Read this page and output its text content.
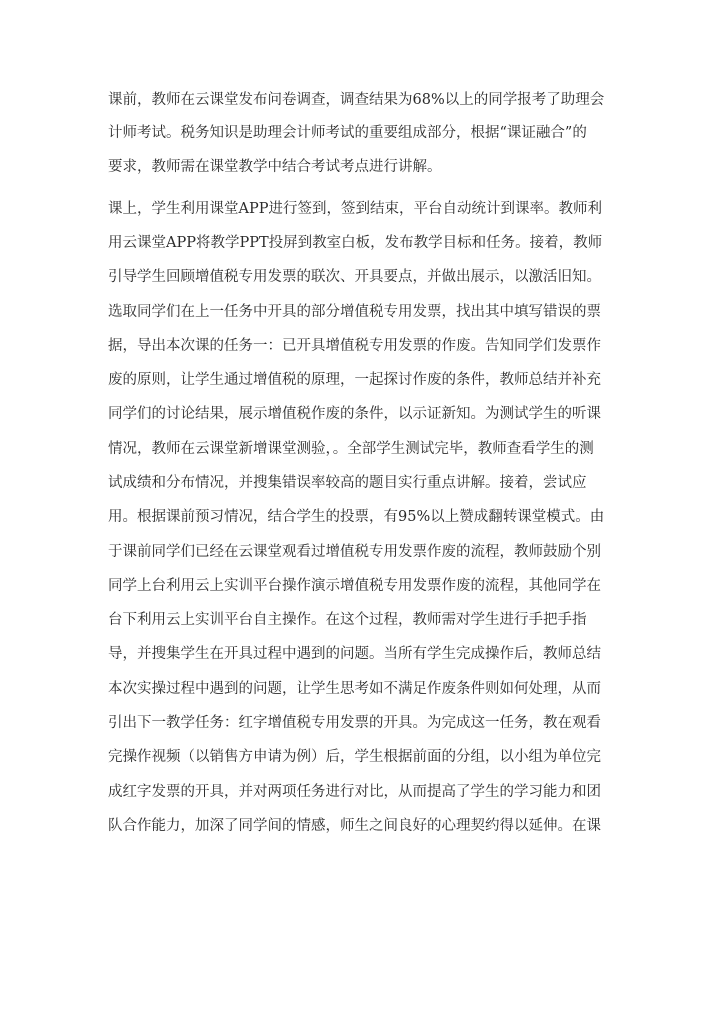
课前，教师在云课堂发布问卷调查，调查结果为68%以上的同学报考了助理会
计师考试。税务知识是助理会计师考试的重要组成部分，根据“课证融合”的
要求，教师需在课堂教学中结合考试考点进行讲解。
课上，学生利用课堂APP进行签到，签到结束，平台自动统计到课率。教师利
用云课堂APP将教学PPT投屏到教室白板，发布教学目标和任务。接着，教师
引导学生回顾增值税专用发票的联次、开具要点，并做出展示，以激活旧知。
选取同学们在上一任务中开具的部分增值税专用发票，找出其中填写错误的票
据，导出本次课的任务一：已开具增值税专用发票的作废。告知同学们发票作
废的原则，让学生通过增值税的原理，一起探讨作废的条件，教师总结并补充
同学们的讨论结果，展示增值税作废的条件，以示证新知。为测试学生的听课
情况，教师在云课堂新增课堂测验，。全部学生测试完毕，教师查看学生的测
试成绩和分布情况，并搜集错误率较高的题目实行重点讲解。接着，尝试应
用。根据课前预习情况，结合学生的投票，有95%以上赞成翻转课堂模式。由
于课前同学们已经在云课堂观看过增值税专用发票作废的流程，教师鼓励个别
同学上台利用云上实训平台操作演示增值税专用发票作废的流程，其他同学在
台下利用云上实训平台自主操作。在这个过程，教师需对学生进行手把手指
导，并搜集学生在开具过程中遇到的问题。当所有学生完成操作后，教师总结
本次实操过程中遇到的问题，让学生思考如不满足作废条件则如何处理，从而
引出下一教学任务：红字增值税专用发票的开具。为完成这一任务，教在观看
完操作视频（以销售方申请为例）后，学生根据前面的分组，以小组为单位完
成红字发票的开具，并对两项任务进行对比，从而提高了学生的学习能力和团
队合作能力，加深了同学间的情感，师生之间良好的心理契约得以延伸。在课
